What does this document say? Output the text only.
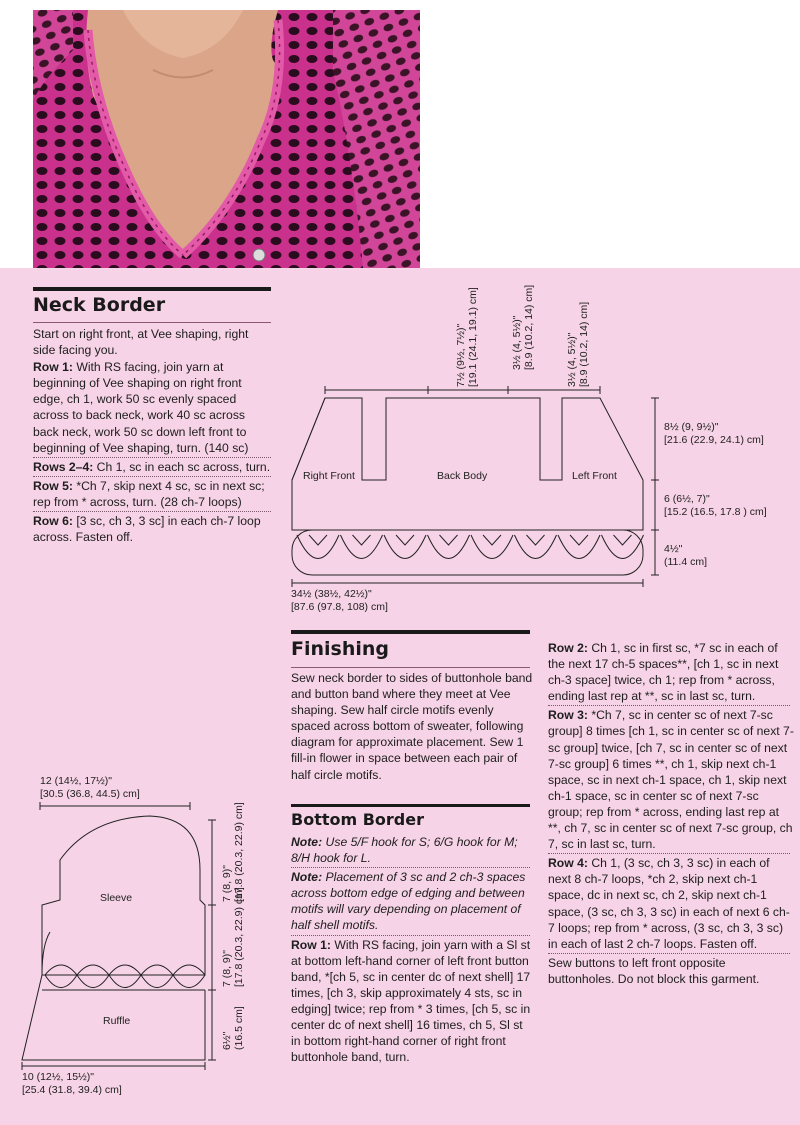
Neck Border

Start on right front, at Vee shaping, right side facing you.

Row 1: With RS facing, join yarn at beginning of Vee shaping on right front edge, ch 1, work 50 sc evenly spaced across to back neck, work 40 sc across back neck, work 50 sc down left front to beginning of Vee shaping, turn. (140 sc)

Rows 2–4: Ch 1, sc in each sc across, turn.

Row 5: *Ch 7, skip next 4 sc, sc in next sc; rep from * across, turn. (28 ch-7 loops)

Row 6: [3 sc, ch 3, 3 sc] in each ch-7 loop across. Fasten off.

Right Front	Back Body	Left Front
7½ (9½, 7½)"
[19.1 (24.1, 19.1) cm]	3½ (4, 5½)"
[8.9 (10.2, 14) cm]	3½ (4, 5½)"
[8.9 (10.2, 14) cm]
8½ (9, 9½)"
[21.6 (22.9, 24.1) cm]
6 (6½, 7)"
[15.2 (16.5, 17.8 ) cm]
4½"
(11.4 cm]
34½ (38½, 42½)"
[87.6 (97.8, 108) cm]
Finishing
Sew neck border to sides of buttonhole band and button band where they meet at Vee shaping. Sew half circle motifs evenly spaced across bottom of sweater, following diagram for approximate placement. Sew 1 fill-in flower in space between each pair of half circle motifs.
Bottom Border

Note: Use 5/F hook for S; 6/G hook for M; 8/H hook for L.

Note: Placement of 3 sc and 2 ch-3 spaces across bottom edge of edging and between motifs will vary depending on placement of half shell motifs.

Row 1: With RS facing, join yarn with a Sl st at bottom left-hand corner of left front button band, *[ch 5, sc in center dc of next shell] 17 times, [ch 3, skip approximately 4 sts, sc in edging] twice; rep from * 3 times, [ch 5, sc in center dc of next shell] 16 times, ch 5, Sl st in bottom right-hand corner of right front buttonhole band, turn.

Row 2: Ch 1, sc in first sc, *7 sc in each of the next 17 ch-5 spaces**, [ch 1, sc in next ch-3 space] twice, ch 1; rep from * across, ending last rep at **, sc in last sc, turn.

Row 3: *Ch 7, sc in center sc of next 7-sc group] 8 times [ch 1, sc in center sc of next 7-sc group] twice, [ch 7, sc in center sc of next 7-sc group] 6 times **, ch 1, skip next ch-1 space, sc in next ch-1 space, ch 1, skip next ch-1 space, sc in center sc of next 7-sc group; rep from * across, ending last rep at **, ch 7, sc in center sc of next 7-sc group, ch 7, sc in last sc, turn.

Row 4: Ch 1, (3 sc, ch 3, 3 sc) in each of next 8 ch-7 loops, *ch 2, skip next ch-1 space, dc in next sc, ch 2, skip next ch-1 space, (3 sc, ch 3, 3 sc) in each of next 6 ch-7 loops; rep from * across, (3 sc, ch 3, 3 sc) in each of last 2 ch-7 loops. Fasten off.

Sew buttons to left front opposite buttonholes. Do not block this garment.

12 (14½, 17½)"
[30.5 (36.8, 44.5) cm]
Sleeve
Ruffle
7 (8, 9)"
[17.8 (20.3, 22.9) cm]
7 (8, 9)"
[17.8 (20.3, 22.9) cm]
6½"
(16.5 cm]
10 (12½, 15½)"
[25.4 (31.8, 39.4) cm]
